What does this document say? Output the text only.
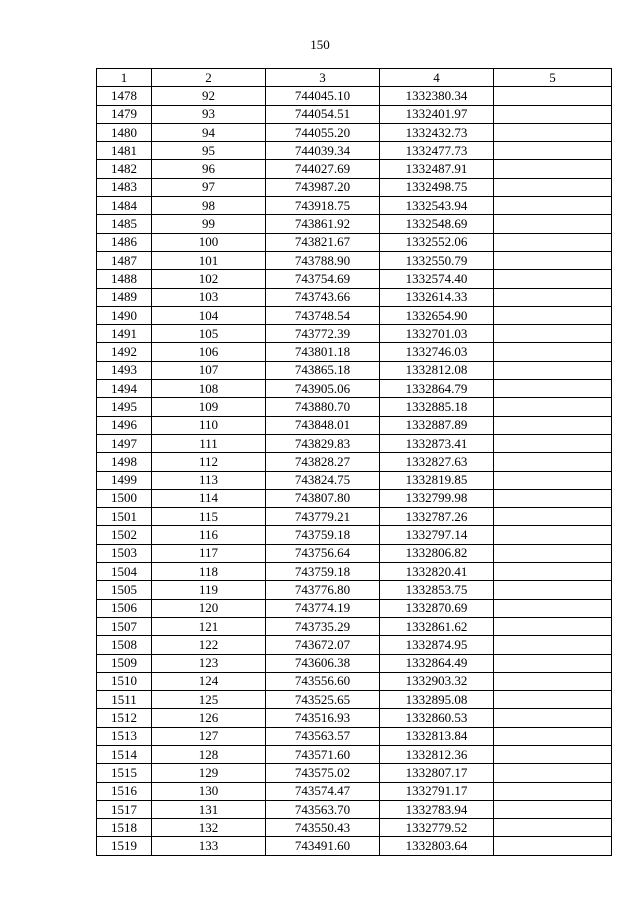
150
1	2	3	4	5
1478	92	744045.10	1332380.34	
1479	93	744054.51	1332401.97	
1480	94	744055.20	1332432.73	
1481	95	744039.34	1332477.73	
1482	96	744027.69	1332487.91	
1483	97	743987.20	1332498.75	
1484	98	743918.75	1332543.94	
1485	99	743861.92	1332548.69	
1486	100	743821.67	1332552.06	
1487	101	743788.90	1332550.79	
1488	102	743754.69	1332574.40	
1489	103	743743.66	1332614.33	
1490	104	743748.54	1332654.90	
1491	105	743772.39	1332701.03	
1492	106	743801.18	1332746.03	
1493	107	743865.18	1332812.08	
1494	108	743905.06	1332864.79	
1495	109	743880.70	1332885.18	
1496	110	743848.01	1332887.89	
1497	111	743829.83	1332873.41	
1498	112	743828.27	1332827.63	
1499	113	743824.75	1332819.85	
1500	114	743807.80	1332799.98	
1501	115	743779.21	1332787.26	
1502	116	743759.18	1332797.14	
1503	117	743756.64	1332806.82	
1504	118	743759.18	1332820.41	
1505	119	743776.80	1332853.75	
1506	120	743774.19	1332870.69	
1507	121	743735.29	1332861.62	
1508	122	743672.07	1332874.95	
1509	123	743606.38	1332864.49	
1510	124	743556.60	1332903.32	
1511	125	743525.65	1332895.08	
1512	126	743516.93	1332860.53	
1513	127	743563.57	1332813.84	
1514	128	743571.60	1332812.36	
1515	129	743575.02	1332807.17	
1516	130	743574.47	1332791.17	
1517	131	743563.70	1332783.94	
1518	132	743550.43	1332779.52	
1519	133	743491.60	1332803.64	
